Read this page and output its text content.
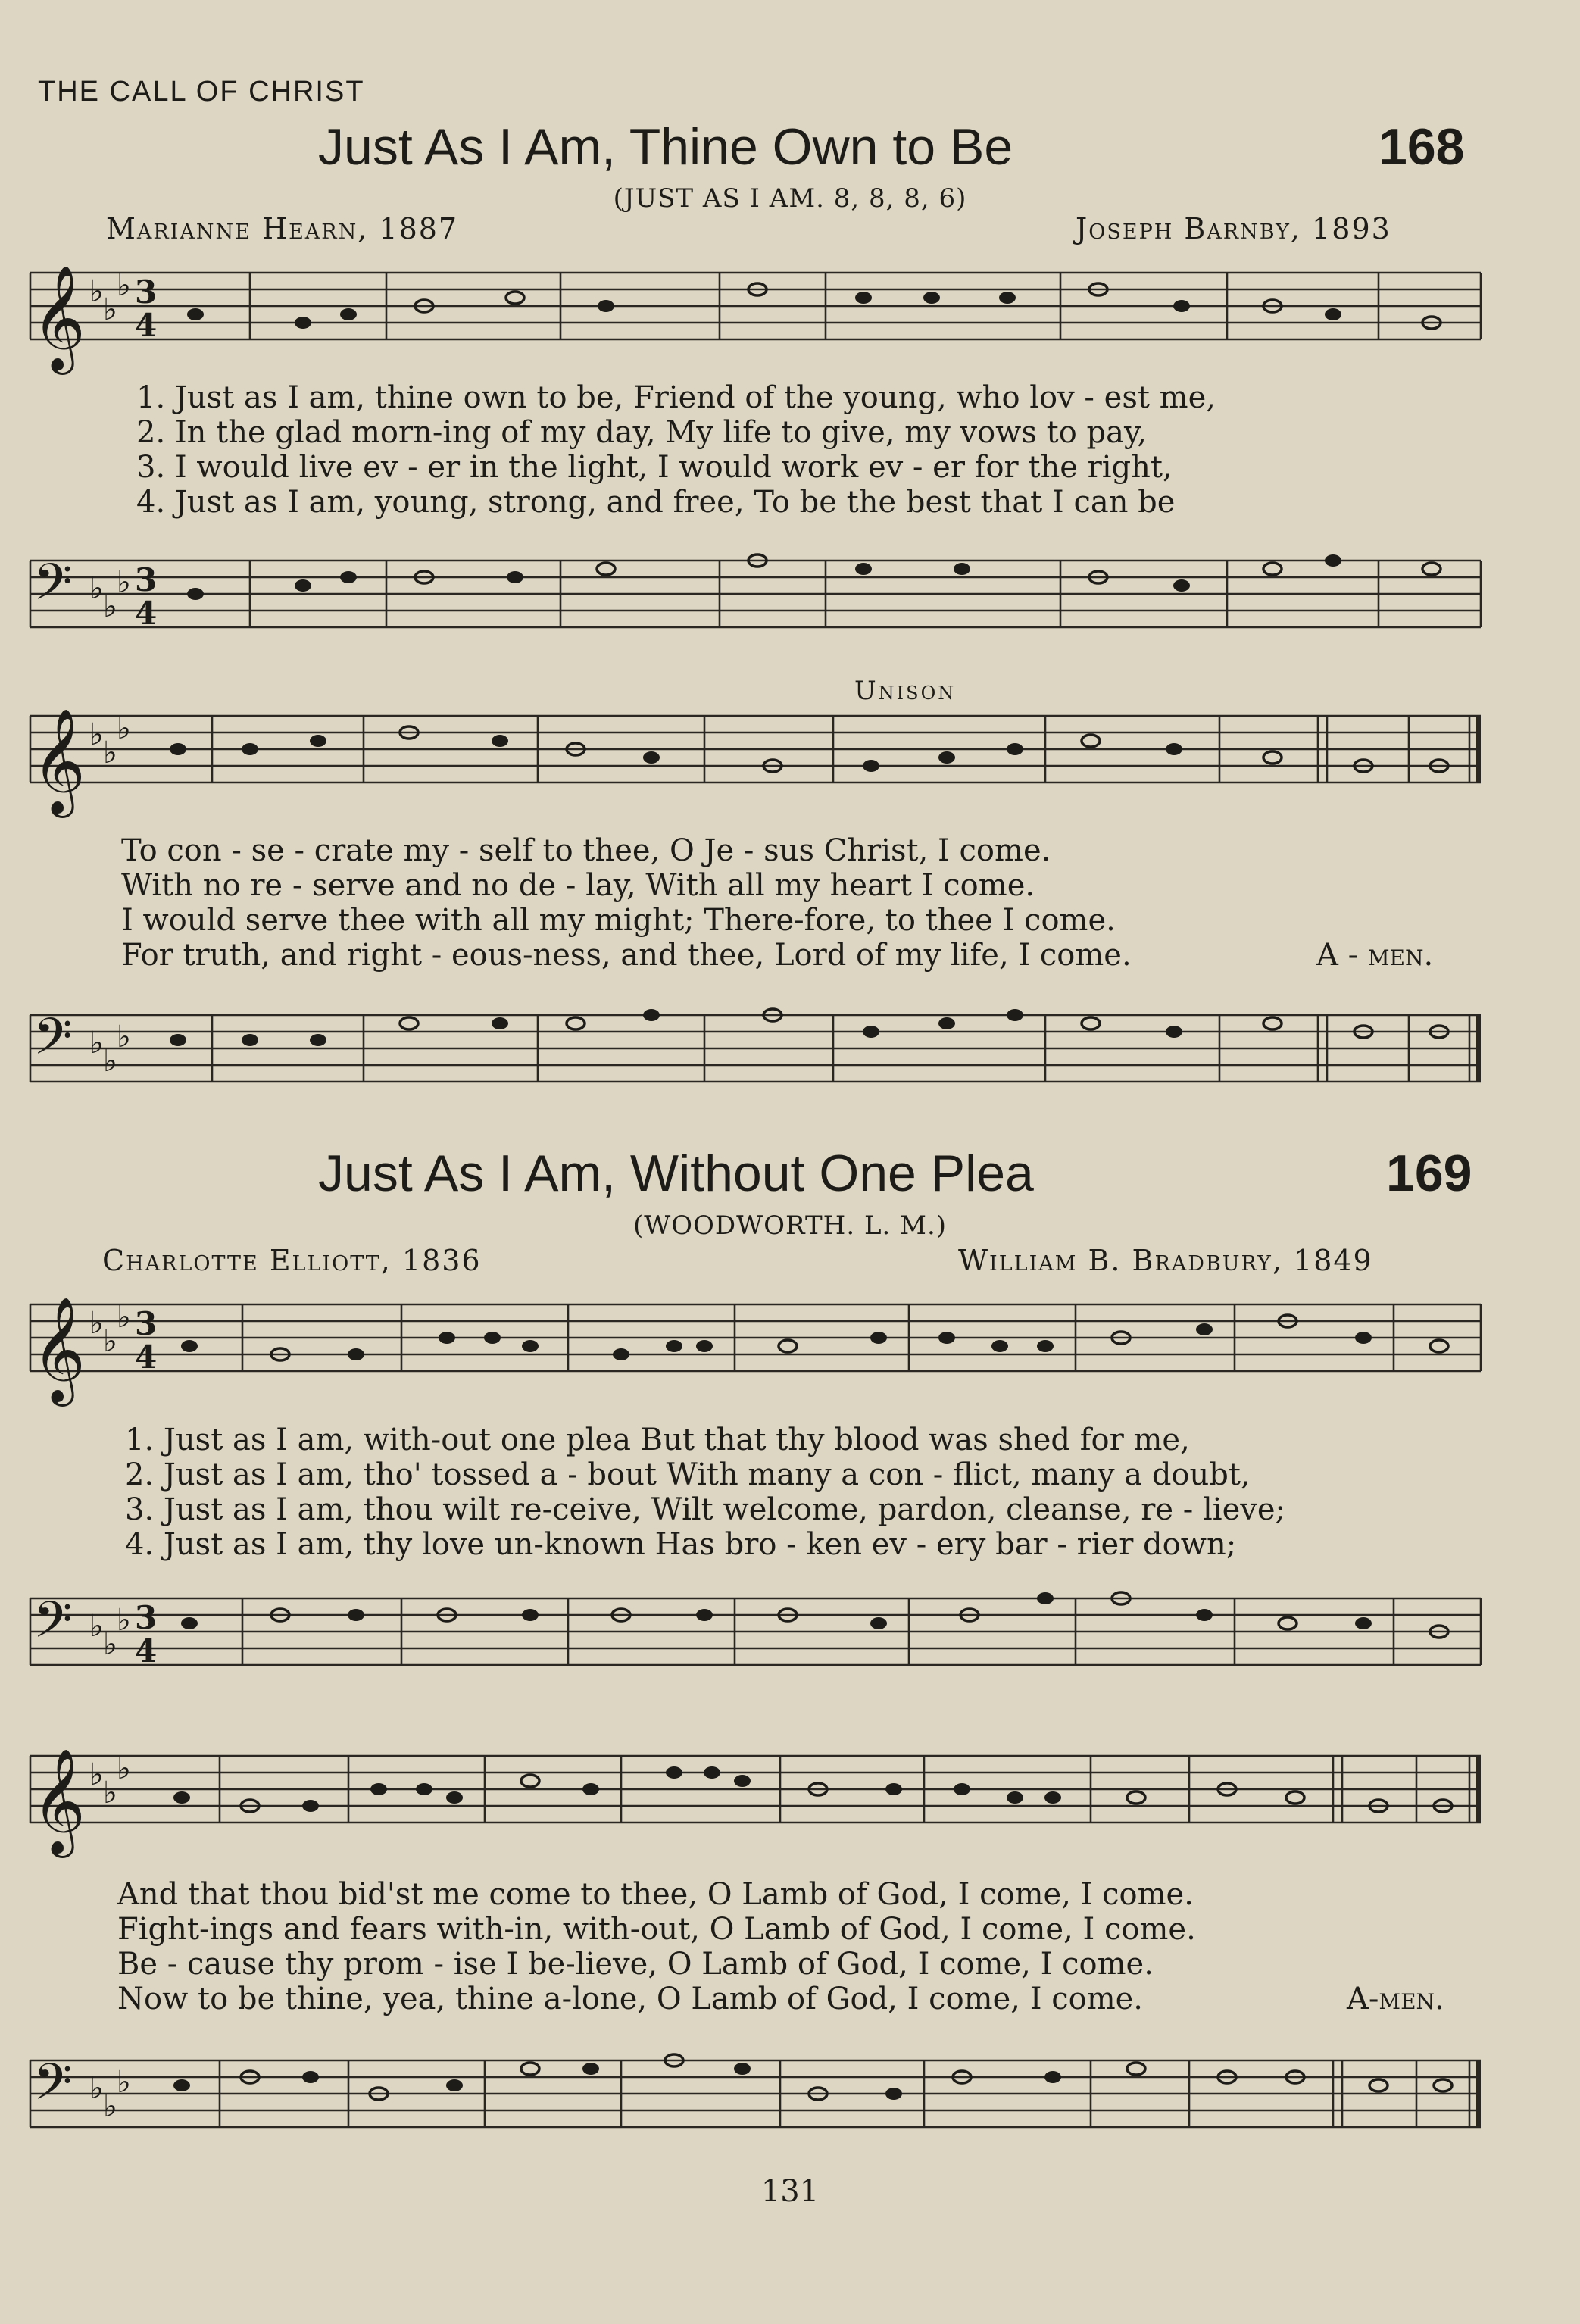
THE CALL OF CHRIST
Just As I Am, Thine Own to Be	168
(JUST AS I AM. 8, 8, 8, 6)
Marianne Hearn, 1887	Joseph Barnby, 1893
𝄞 ♭
♭
♭ 3
4
1. Just as I am, thine own to be, Friend of the young, who lov - est me,
2. In the glad morn-ing of my day, My life to give, my vows to pay,
3. I would live ev - er in the light, I would work ev - er for the right,
4. Just as I am, young, strong, and free, To be the best that I can be
𝄢 ♭
♭
♭ 3
4
Unison
𝄞 ♭
♭
♭
To con - se - crate my - self to thee, O Je - sus Christ, I come.
With no re - serve and no de - lay, With all my heart I come.
I would serve thee with all my might; There-fore, to thee I come.
For truth, and right - eous-ness, and thee, Lord of my life, I come.	A - men.
𝄢 ♭
♭
♭
Just As I Am, Without One Plea	169
(WOODWORTH. L. M.)
Charlotte Elliott, 1836	William B. Bradbury, 1849
𝄞 ♭
♭
♭ 3
4
1. Just as I am, with-out one plea But that thy blood was shed for me,
2. Just as I am, tho' tossed a - bout With many a con - flict, many a doubt,
3. Just as I am, thou wilt re-ceive, Wilt welcome, pardon, cleanse, re - lieve;
4. Just as I am, thy love un-known Has bro - ken ev - ery bar - rier down;
𝄢 ♭
♭
♭ 3
4
𝄞 ♭
♭
♭
And that thou bid'st me come to thee, O Lamb of God, I come, I come.
Fight-ings and fears with-in, with-out, O Lamb of God, I come, I come.
Be - cause thy prom - ise I be-lieve, O Lamb of God, I come, I come.
Now to be thine, yea, thine a-lone, O Lamb of God, I come, I come.	A-men.
𝄢 ♭
♭
♭
131
